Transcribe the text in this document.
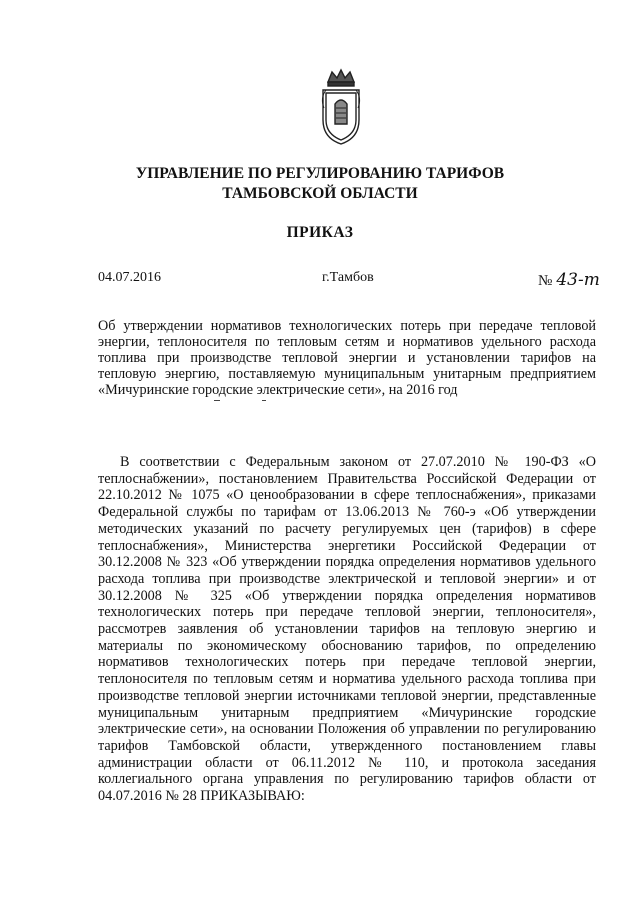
УПРАВЛЕНИЕ ПО РЕГУЛИРОВАНИЮ ТАРИФОВ
ТАМБОВСКОЙ ОБЛАСТИ
ПРИКАЗ
04.07.2016	г.Тамбов	№ 43-т
Об утверждении нормативов технологических потерь при передаче тепловой энергии, теплоносителя по тепловым сетям и нормативов удельного расхода топлива при производстве тепловой энергии и установлении тарифов на тепловую энергию, поставляемую муниципальным унитарным предприятием «Мичуринские городские электрические сети», на 2016 год
В соответствии с Федеральным законом от 27.07.2010 № 190-ФЗ «О теплоснабжении», постановлением Правительства Российской Федерации от 22.10.2012 № 1075 «О ценообразовании в сфере теплоснабжения», приказами Федеральной службы по тарифам от 13.06.2013 № 760-э «Об утверждении методических указаний по расчету регулируемых цен (тарифов) в сфере теплоснабжения», Министерства энергетики Российской Федерации от 30.12.2008 № 323 «Об утверждении порядка определения нормативов удельного расхода топлива при производстве электрической и тепловой энергии» и от 30.12.2008 № 325 «Об утверждении порядка определения нормативов технологических потерь при передаче тепловой энергии, теплоносителя», рассмотрев заявления об установлении тарифов на тепловую энергию и материалы по экономическому обоснованию тарифов, по определению нормативов технологических потерь при передаче тепловой энергии, теплоносителя по тепловым сетям и норматива удельного расхода топлива при производстве тепловой энергии источниками тепловой энергии, представленные муниципальным унитарным предприятием «Мичуринские городские электрические сети», на основании Положения об управлении по регулированию тарифов Тамбовской области, утвержденного постановлением главы администрации области от 06.11.2012 № 110, и протокола заседания коллегиального органа управления по регулированию тарифов области от 04.07.2016 № 28 ПРИКАЗЫВАЮ:
